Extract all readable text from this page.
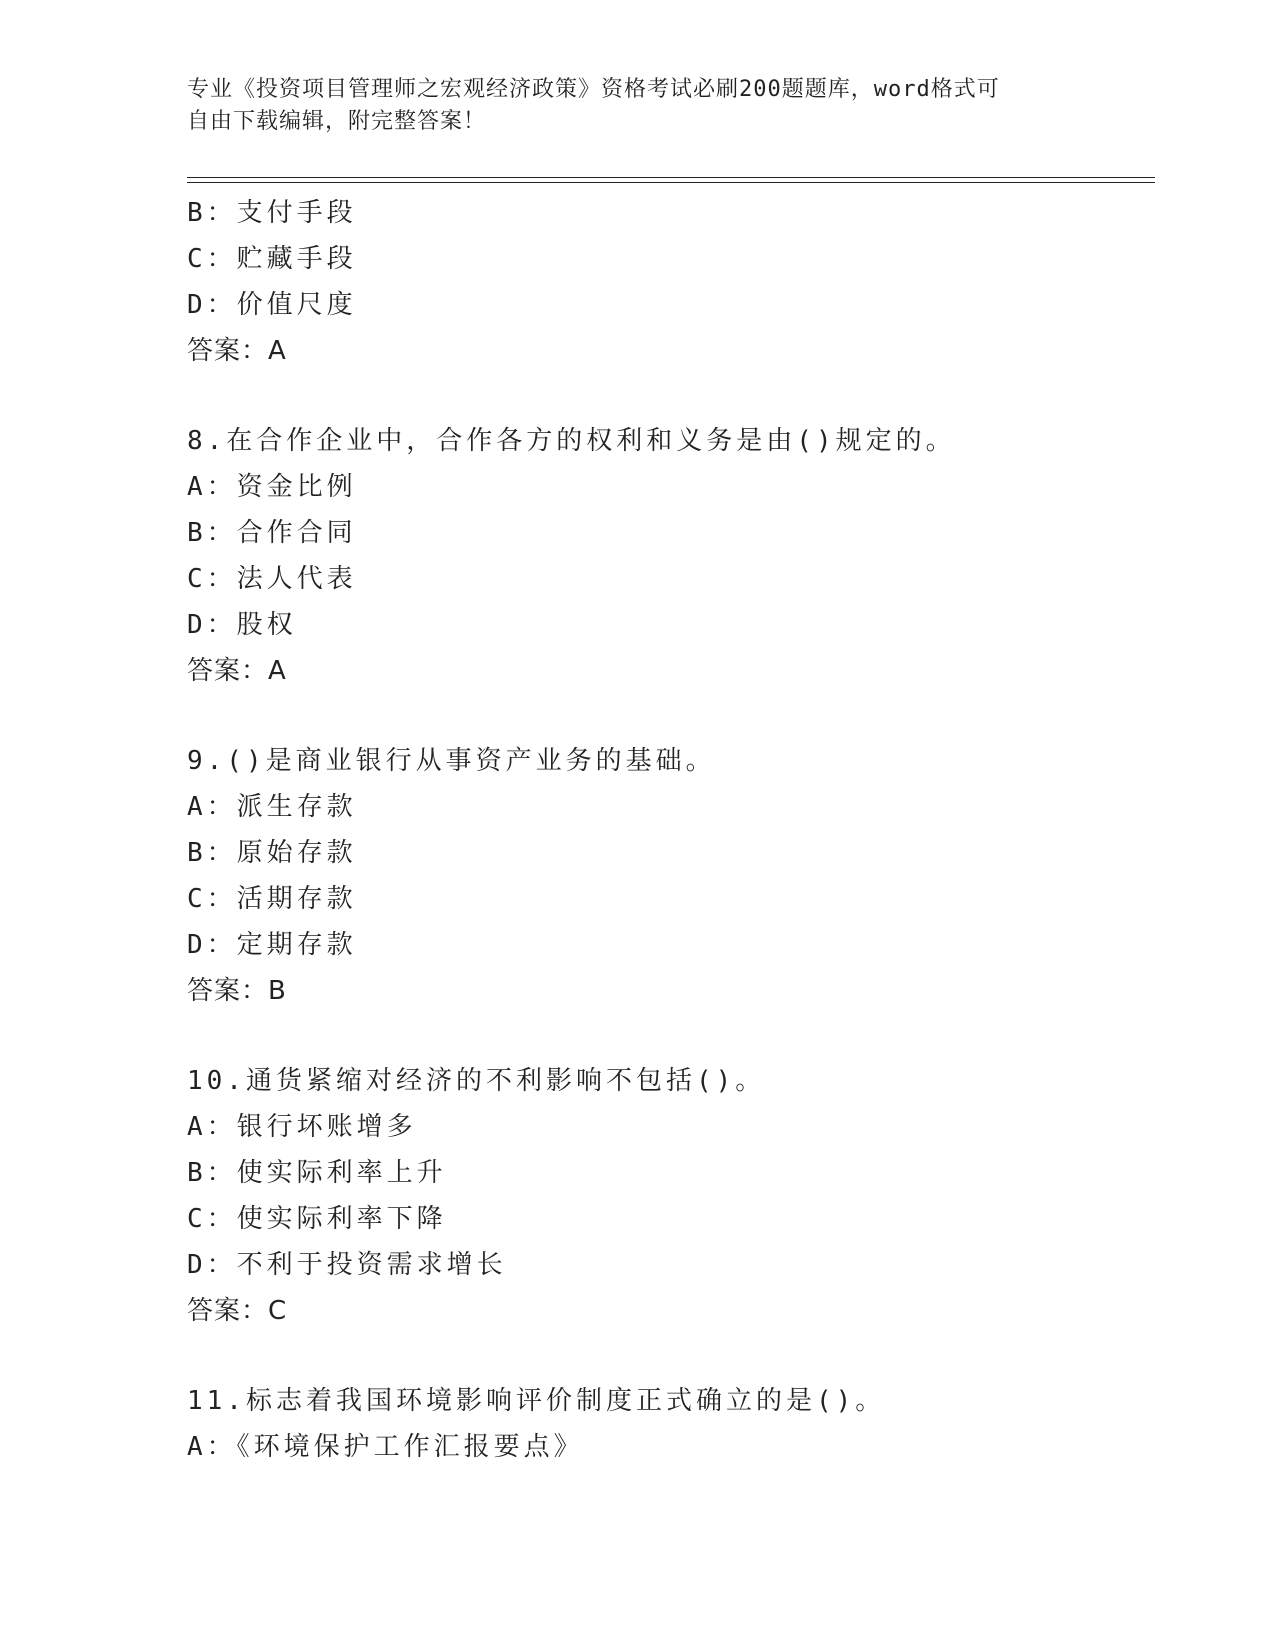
专业《投资项目管理师之宏观经济政策》资格考试必刷200题题库，word格式可
自由下载编辑，附完整答案！
B：支付手段
C：贮藏手段
D：价值尺度
答案：A
8.在合作企业中，合作各方的权利和义务是由()规定的。
A：资金比例
B：合作合同
C：法人代表
D：股权
答案：A
9.()是商业银行从事资产业务的基础。
A：派生存款
B：原始存款
C：活期存款
D：定期存款
答案：B
10.通货紧缩对经济的不利影响不包括()。
A：银行坏账增多
B：使实际利率上升
C：使实际利率下降
D：不利于投资需求增长
答案：C
11.标志着我国环境影响评价制度正式确立的是()。
A：《环境保护工作汇报要点》
